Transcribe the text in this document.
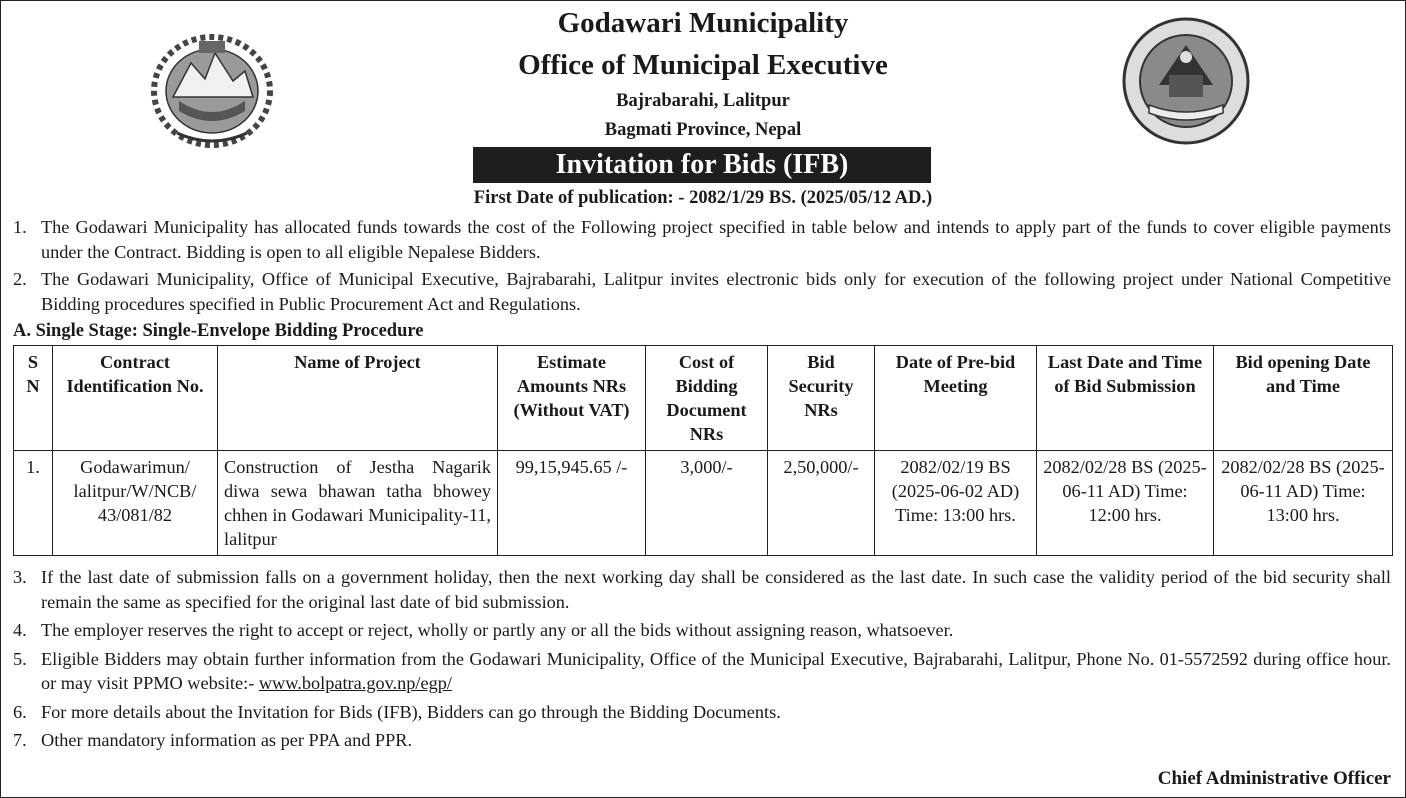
Godawari Municipality
Office of Municipal Executive
Bajrabarahi, Lalitpur
Bagmati Province, Nepal
Invitation for Bids (IFB)
First Date of publication: - 2082/1/29 BS. (2025/05/12 AD.)
1. The Godawari Municipality has allocated funds towards the cost of the Following project specified in table below and intends to apply part of the funds to cover eligible payments under the Contract. Bidding is open to all eligible Nepalese Bidders.
2. The Godawari Municipality, Office of Municipal Executive, Bajrabarahi, Lalitpur invites electronic bids only for execution of the following project under National Competitive Bidding procedures specified in Public Procurement Act and Regulations.
A. Single Stage: Single-Envelope Bidding Procedure
S N	Contract Identification No.	Name of Project	Estimate Amounts NRs (Without VAT)	Cost of Bidding Document NRs	Bid Security NRs	Date of Pre-bid Meeting	Last Date and Time of Bid Submission	Bid opening Date and Time
1.	Godawarimun/ lalitpur/W/NCB/ 43/081/82	Construction of Jestha Nagarik diwa sewa bhawan tatha bhowey chhen in Godawari Municipality-11, lalitpur	99,15,945.65 /-	3,000/-	2,50,000/-	2082/02/19 BS (2025-06-02 AD) Time: 13:00 hrs.	2082/02/28 BS (2025-06-11 AD) Time: 12:00 hrs.	2082/02/28 BS (2025-06-11 AD) Time: 13:00 hrs.
3. If the last date of submission falls on a government holiday, then the next working day shall be considered as the last date. In such case the validity period of the bid security shall remain the same as specified for the original last date of bid submission.
4. The employer reserves the right to accept or reject, wholly or partly any or all the bids without assigning reason, whatsoever.
5. Eligible Bidders may obtain further information from the Godawari Municipality, Office of the Municipal Executive, Bajrabarahi, Lalitpur, Phone No. 01-5572592 during office hour. or may visit PPMO website:- www.bolpatra.gov.np/egp/
6. For more details about the Invitation for Bids (IFB), Bidders can go through the Bidding Documents.
7. Other mandatory information as per PPA and PPR.
Chief Administrative Officer
